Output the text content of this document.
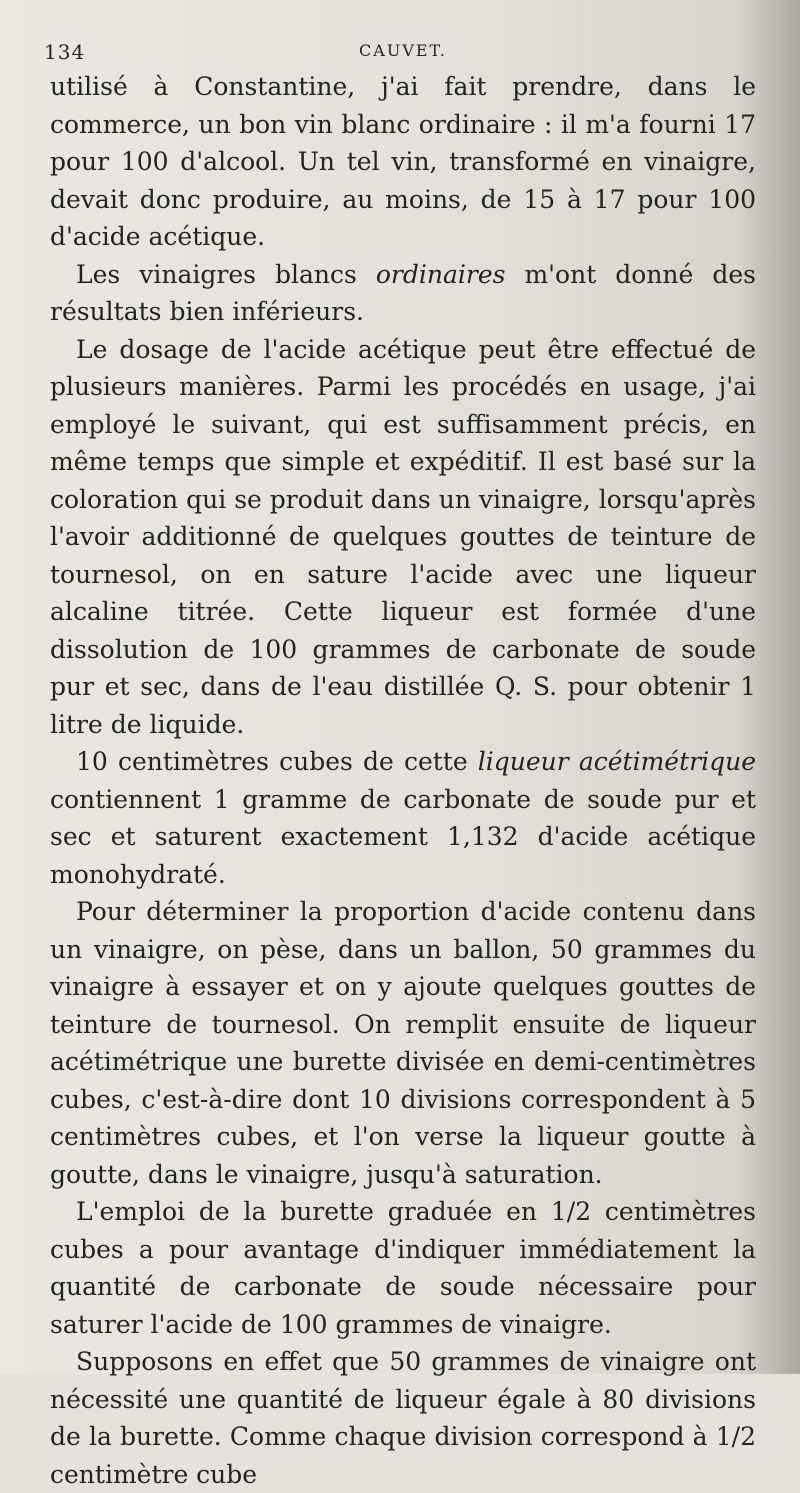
134	CAUVET.

utilisé à Constantine, j'ai fait prendre, dans le commerce, un bon vin blanc ordinaire : il m'a fourni 17 pour 100 d'alcool. Un tel vin, transformé en vinaigre, devait donc produire, au moins, de 15 à 17 pour 100 d'acide acétique.

Les vinaigres blancs ordinaires m'ont donné des résultats bien inférieurs.

Le dosage de l'acide acétique peut être effectué de plusieurs manières. Parmi les procédés en usage, j'ai employé le suivant, qui est suffisamment précis, en même temps que simple et expéditif. Il est basé sur la coloration qui se produit dans un vinaigre, lorsqu'après l'avoir additionné de quelques gouttes de teinture de tournesol, on en sature l'acide avec une liqueur alcaline titrée. Cette liqueur est formée d'une dissolution de 100 grammes de carbonate de soude pur et sec, dans de l'eau distillée Q. S. pour obtenir 1 litre de liquide.

10 centimètres cubes de cette liqueur acétimétrique contiennent 1 gramme de carbonate de soude pur et sec et saturent exactement 1,132 d'acide acétique monohydraté.

Pour déterminer la proportion d'acide contenu dans un vinaigre, on pèse, dans un ballon, 50 grammes du vinaigre à essayer et on y ajoute quelques gouttes de teinture de tournesol. On remplit ensuite de liqueur acétimétrique une burette divisée en demi-centimètres cubes, c'est-à-dire dont 10 divisions correspondent à 5 centimètres cubes, et l'on verse la liqueur goutte à goutte, dans le vinaigre, jusqu'à saturation.

L'emploi de la burette graduée en 1/2 centimètres cubes a pour avantage d'indiquer immédiatement la quantité de carbonate de soude nécessaire pour saturer l'acide de 100 grammes de vinaigre.

Supposons en effet que 50 grammes de vinaigre ont nécessité une quantité de liqueur égale à 80 divisions de la burette. Comme chaque division correspond à 1/2 centimètre cube
